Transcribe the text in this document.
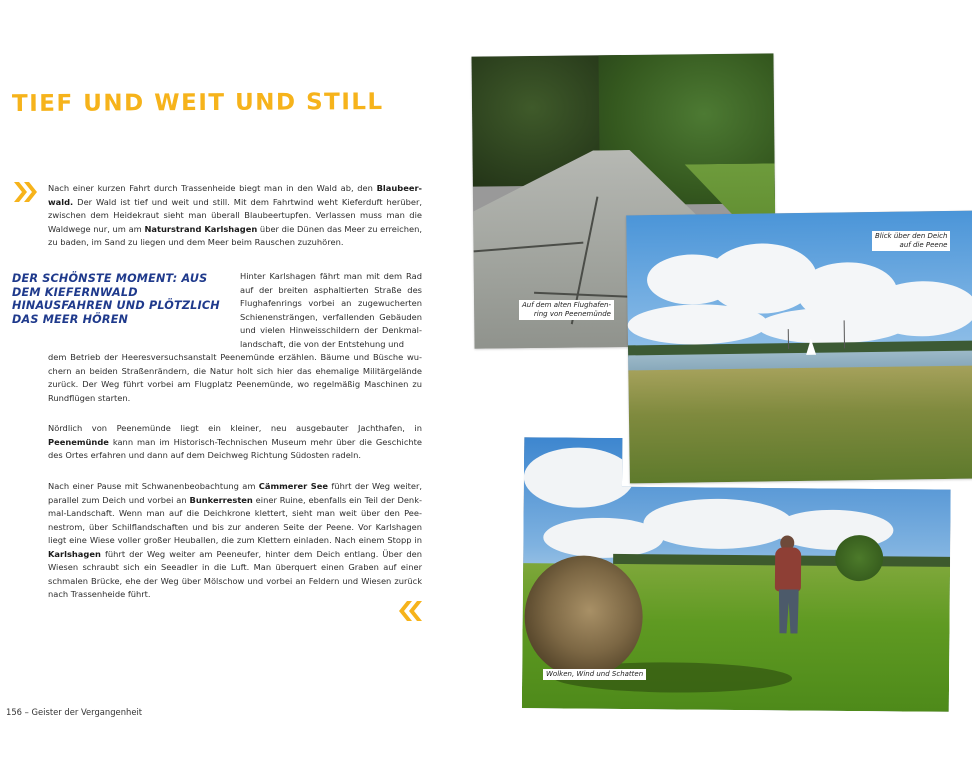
TIEF UND WEIT UND STILL

DER SCHÖNSTE MOMENT: AUS DEM KIEFERNWALD HINAUSFAHREN UND PLÖTZLICH DAS MEER HÖREN

Nach einer kurzen Fahrt durch Trassenheide biegt man in den Wald ab, den Blaubeerwald. Der Wald ist tief und weit und still. Mit dem Fahrtwind weht Kieferduft herüber, zwischen dem Heidekraut sieht man überall Blaubeertupfen. Verlassen muss man die Waldwege nur, um am Naturstrand Karlshagen über die Dünen das Meer zu erreichen, zu baden, im Sand zu liegen und dem Meer beim Rauschen zuzuhören.

Hinter Karlshagen fährt man mit dem Rad auf der breiten asphaltierten Straße des Flughafenrings vorbei an zugewucherten Schienensträngen, verfallenden Gebäuden und vielen Hinweisschildern der Denkmallandschaft, die von der Entstehung und

dem Betrieb der Heeresversuchsanstalt Peenemünde erzählen. Bäume und Büsche wuchern an beiden Straßenrändern, die Natur holt sich hier das ehemalige Militärgelände zurück. Der Weg führt vorbei am Flugplatz Peenemünde, wo regelmäßig Maschinen zu Rundflügen starten.

Nördlich von Peenemünde liegt ein kleiner, neu ausgebauter Jachthafen, in Peenemünde kann man im Historisch-Technischen Museum mehr über die Geschichte des Ortes erfahren und dann auf dem Deichweg Richtung Südosten radeln.

Nach einer Pause mit Schwanenbeobachtung am Cämmerer See führt der Weg weiter, parallel zum Deich und vorbei an Bunkerresten einer Ruine, ebenfalls ein Teil der Denkmal-Landschaft. Wenn man auf die Deichkrone klettert, sieht man weit über den Peenestrom, über Schilflandschaften und bis zur anderen Seite der Peene. Vor Karlshagen liegt eine Wiese voller großer Heuballen, die zum Klettern einladen. Nach einem Stopp in Karlshagen führt der Weg weiter am Peeneufer, hinter dem Deich entlang. Über den Wiesen schraubt sich ein Seeadler in die Luft. Man überquert einen Graben auf einer schmalen Brücke, ehe der Weg über Mölschow und vorbei an Feldern und Wiesen zurück nach Trassenheide führt.

156 – Geister der Vergangenheit
Auf dem alten Flughafen-
ring von Peenemünde
Blick über den Deich
auf die Peene
Wolken, Wind und Schatten
